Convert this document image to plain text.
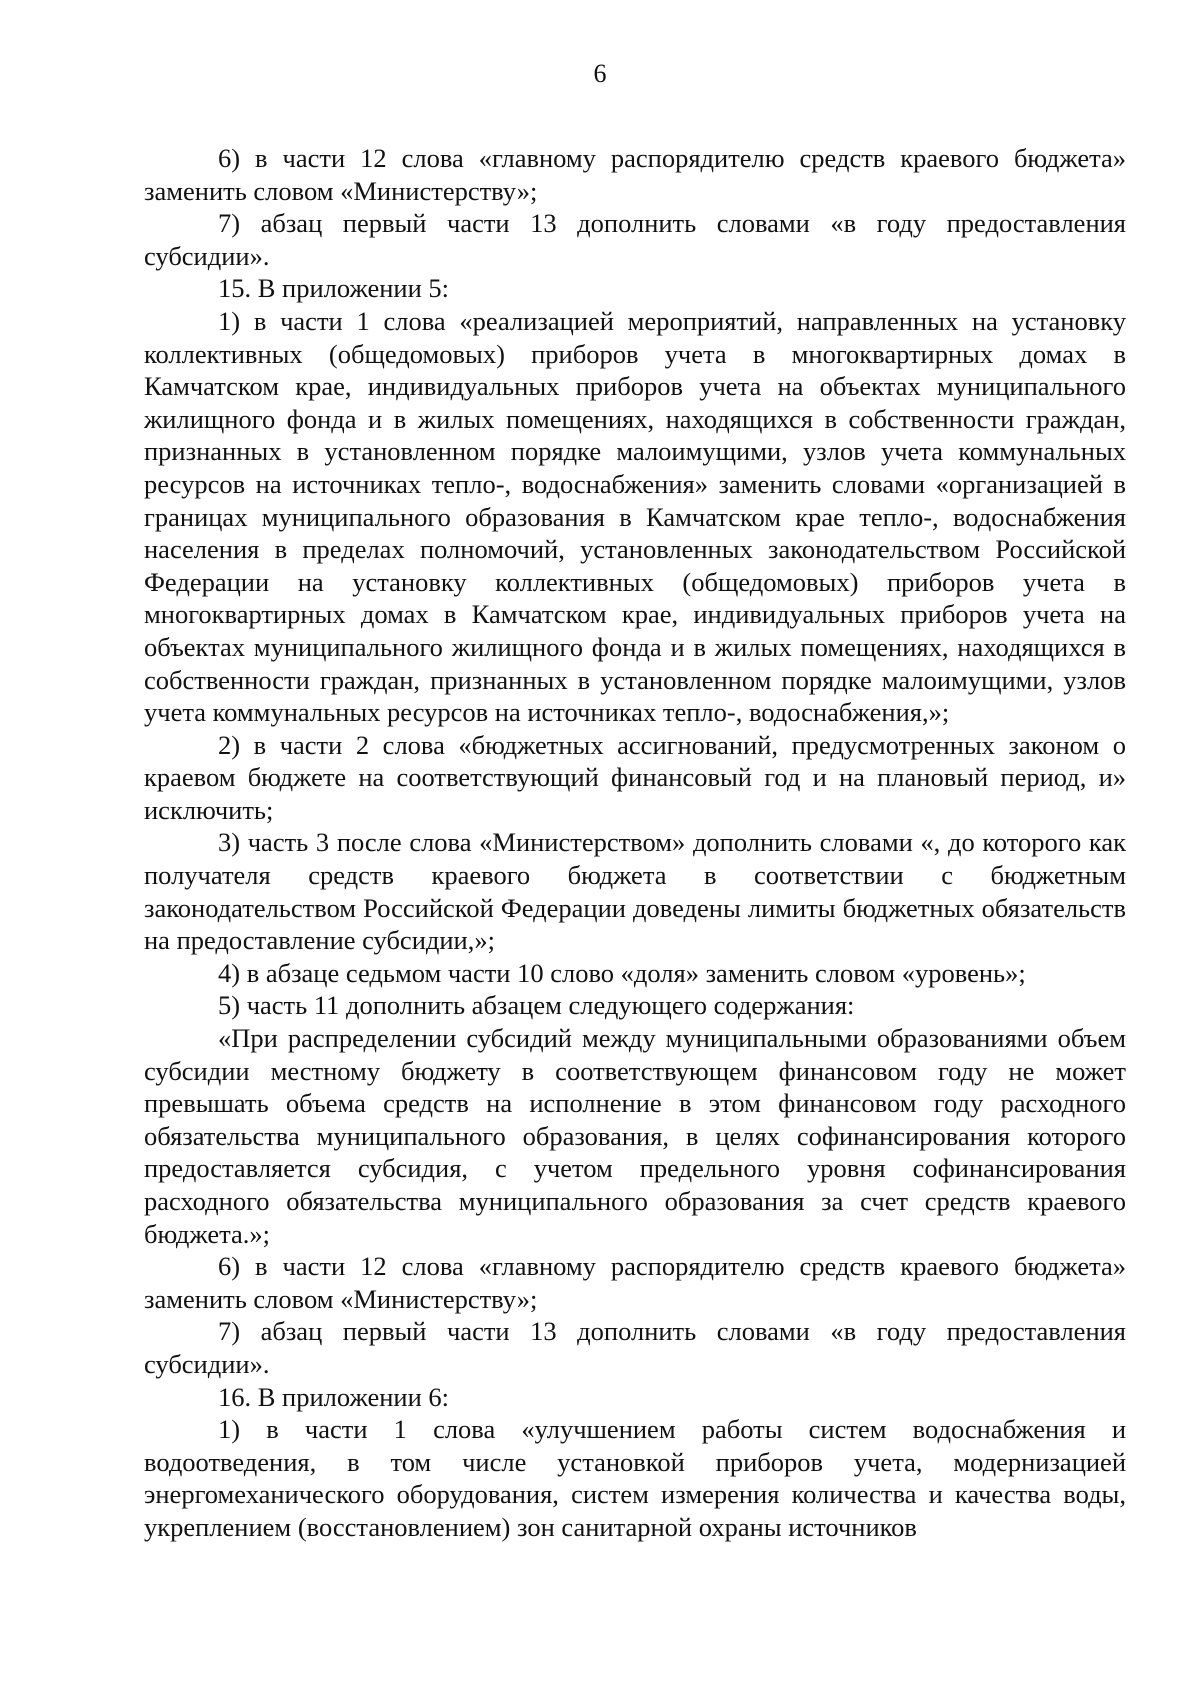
6

6) в части 12 слова «главному распорядителю средств краевого бюджета» заменить словом «Министерству»;

7) абзац первый части 13 дополнить словами «в году предоставления субсидии».

15. В приложении 5:

1) в части 1 слова «реализацией мероприятий, направленных на установку коллективных (общедомовых) приборов учета в многоквартирных домах в Камчатском крае, индивидуальных приборов учета на объектах муниципального жилищного фонда и в жилых помещениях, находящихся в собственности граждан, признанных в установленном порядке малоимущими, узлов учета коммунальных ресурсов на источниках тепло-, водоснабжения» заменить словами «организацией в границах муниципального образования в Камчатском крае тепло-, водоснабжения населения в пределах полномочий, установленных законодательством Российской Федерации на установку коллективных (общедомовых) приборов учета в многоквартирных домах в Камчатском крае, индивидуальных приборов учета на объектах муниципального жилищного фонда и в жилых помещениях, находящихся в собственности граждан, признанных в установленном порядке малоимущими, узлов учета коммунальных ресурсов на источниках тепло-, водоснабжения,»;

2) в части 2 слова «бюджетных ассигнований, предусмотренных законом о краевом бюджете на соответствующий финансовый год и на плановый период, и» исключить;

3) часть 3 после слова «Министерством» дополнить словами «, до которого как получателя средств краевого бюджета в соответствии с бюджетным законодательством Российской Федерации доведены лимиты бюджетных обязательств на предоставление субсидии,»;

4) в абзаце седьмом части 10 слово «доля» заменить словом «уровень»;

5) часть 11 дополнить абзацем следующего содержания:

«При распределении субсидий между муниципальными образованиями объем субсидии местному бюджету в соответствующем финансовом году не может превышать объема средств на исполнение в этом финансовом году расходного обязательства муниципального образования, в целях софинансирования которого предоставляется субсидия, с учетом предельного уровня софинансирования расходного обязательства муниципального образования за счет средств краевого бюджета.»;

6) в части 12 слова «главному распорядителю средств краевого бюджета» заменить словом «Министерству»;

7) абзац первый части 13 дополнить словами «в году предоставления субсидии».

16. В приложении 6:

1) в части 1 слова «улучшением работы систем водоснабжения и водоотведения, в том числе установкой приборов учета, модернизацией энергомеханического оборудования, систем измерения количества и качества воды, укреплением (восстановлением) зон санитарной охраны источников
